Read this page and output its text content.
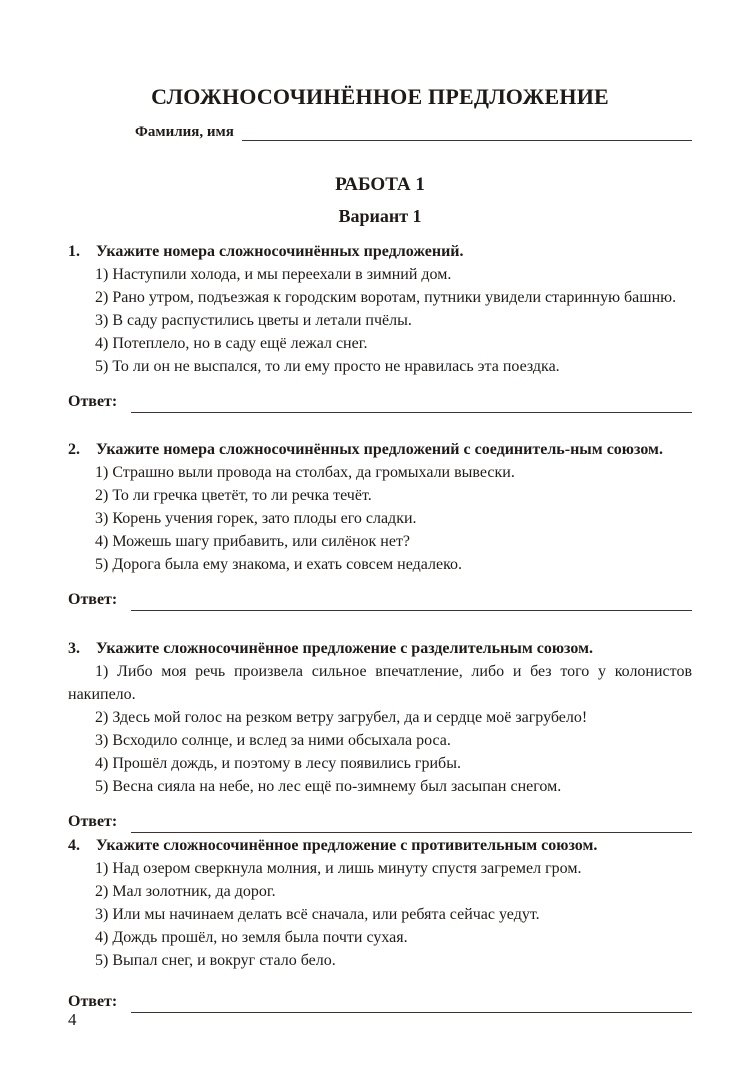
СЛОЖНОСОЧИНЁННОЕ ПРЕДЛОЖЕНИЕ
Фамилия, имя
РАБОТА 1
Вариант 1
1. Укажите номера сложносочинённых предложений.
1) Наступили холода, и мы переехали в зимний дом.
2) Рано утром, подъезжая к городским воротам, путники увидели старинную башню.
3) В саду распустились цветы и летали пчёлы.
4) Потеплело, но в саду ещё лежал снег.
5) То ли он не выспался, то ли ему просто не нравилась эта поездка.
Ответ:
2. Укажите номера сложносочинённых предложений с соединитель-ным союзом.
1) Страшно выли провода на столбах, да громыхали вывески.
2) То ли гречка цветёт, то ли речка течёт.
3) Корень учения горек, зато плоды его сладки.
4) Можешь шагу прибавить, или силёнок нет?
5) Дорога была ему знакома, и ехать совсем недалеко.
Ответ:
3. Укажите сложносочинённое предложение с разделительным союзом.
1) Либо моя речь произвела сильное впечатление, либо и без того у колонистов накипело.
2) Здесь мой голос на резком ветру загрубел, да и сердце моё загрубело!
3) Всходило солнце, и вслед за ними обсыхала роса.
4) Прошёл дождь, и поэтому в лесу появились грибы.
5) Весна сияла на небе, но лес ещё по-зимнему был засыпан снегом.
Ответ:
4. Укажите сложносочинённое предложение с противительным союзом.
1) Над озером сверкнула молния, и лишь минуту спустя загремел гром.
2) Мал золотник, да дорог.
3) Или мы начинаем делать всё сначала, или ребята сейчас уедут.
4) Дождь прошёл, но земля была почти сухая.
5) Выпал снег, и вокруг стало бело.
Ответ:
4
